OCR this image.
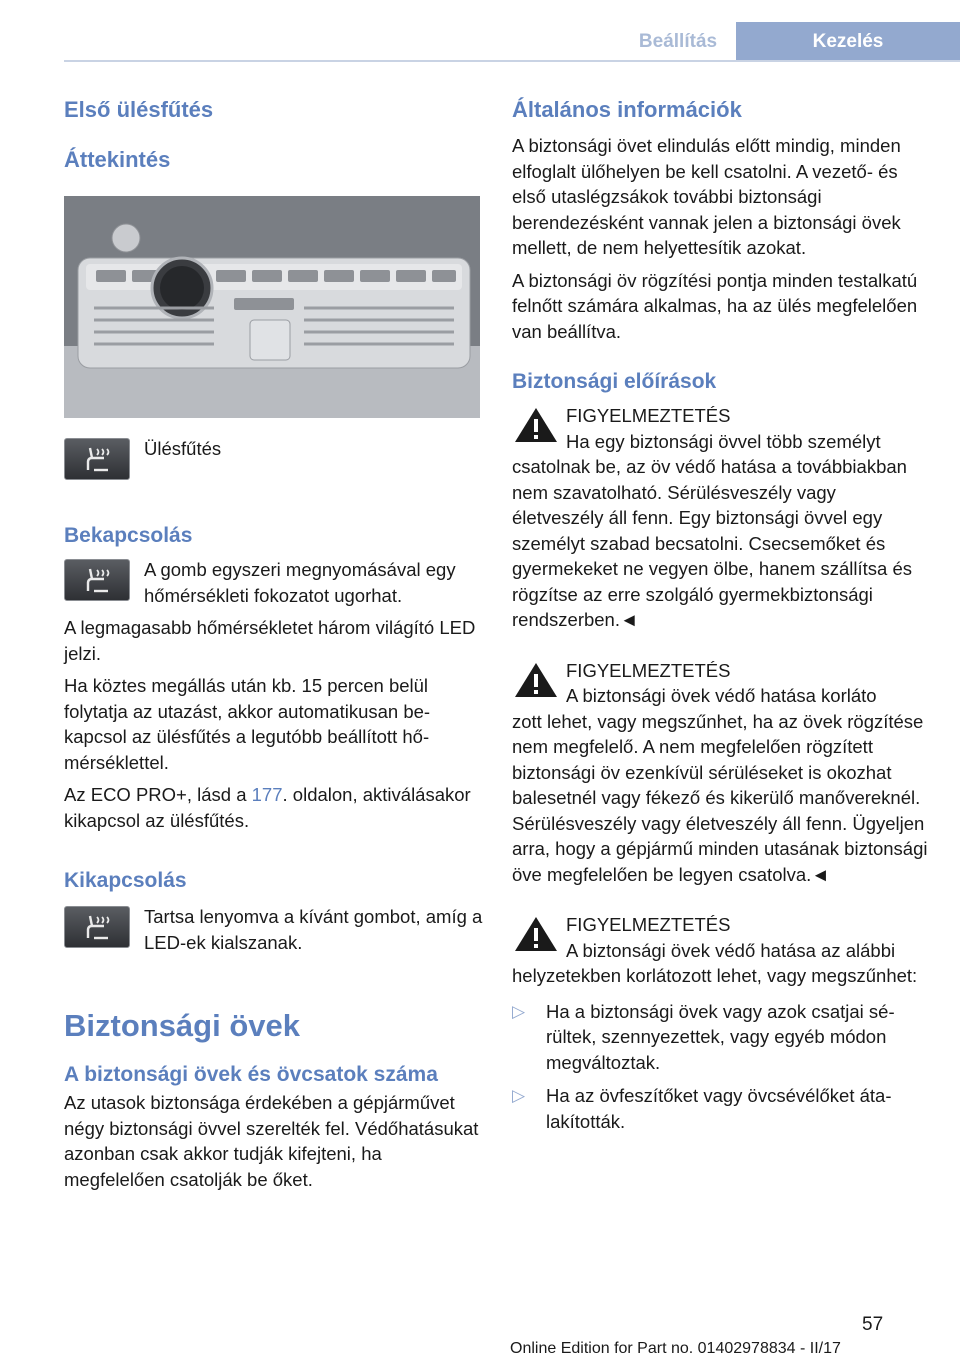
Beállítás	Kezelés
Első ülésfűtés
Áttekintés

Ülésfűtés

Bekapcsolás

A gomb egyszeri megnyomásával egy hőmérsékleti fokozatot ugorhat.

A legmagasabb hőmérsékletet három világító LED jelzi.

Ha köztes megállás után kb. 15 percen belül folytatja az utazást, akkor automatikusan bekapcsol az ülésfűtés a legutóbb beállított hőmérséklettel.

Az ECO PRO+, lásd a 177. oldalon, aktiválásakor kikapcsol az ülésfűtés.

Kikapcsolás

Tartsa lenyomva a kívánt gombot, amíg a LED-ek kialszanak.

Biztonsági övek
A biztonsági övek és övcsatok száma

Az utasok biztonsága érdekében a gépjárművet négy biztonsági övvel szerelték fel. Védőhatásukat azonban csak akkor tudják kifejteni, ha megfelelően csatolják be őket.

Általános információk

A biztonsági övet elindulás előtt mindig, minden elfoglalt ülőhelyen be kell csatolni. A vezető- és első utaslégzsákok további biztonsági berendezésként vannak jelen a biztonsági övek mellett, de nem helyettesítik azokat.

A biztonsági öv rögzítési pontja minden testalkatú felnőtt számára alkalmas, ha az ülés megfelelően van beállítva.

Biztonsági előírások

FIGYELMEZTETÉS

Ha egy biztonsági övvel több személyt

csatolnak be, az öv védő hatása a továbbiakban nem szavatolható. Sérülésveszély vagy életveszély áll fenn. Egy biztonsági övvel egy személyt szabad becsatolni. Csecsemőket és gyermekeket ne vegyen ölbe, hanem szállítsa és rögzítse az erre szolgáló gyermekbiztonsági rendszerben.◄

FIGYELMEZTETÉS

A biztonsági övek védő hatása korláto

zott lehet, vagy megszűnhet, ha az övek rögzítése nem megfelelő. A nem megfelelően rögzített biztonsági öv ezenkívül sérüléseket is okozhat balesetnél vagy fékező és kikerülő manővereknél. Sérülésveszély vagy életveszély áll fenn. Ügyeljen arra, hogy a gépjármű minden utasának biztonsági öve megfelelően be legyen csatolva.◄

FIGYELMEZTETÉS

A biztonsági övek védő hatása az alábbi

helyzetekben korlátozott lehet, vagy megszűnhet:

▷	Ha a biztonsági övek vagy azok csatjai sérültek, szennyezettek, vagy egyéb módon megváltoztak.

▷	Ha az övfeszítőket vagy övcsévélőket átalakították.

57
Online Edition for Part no. 01402978834 - II/17
